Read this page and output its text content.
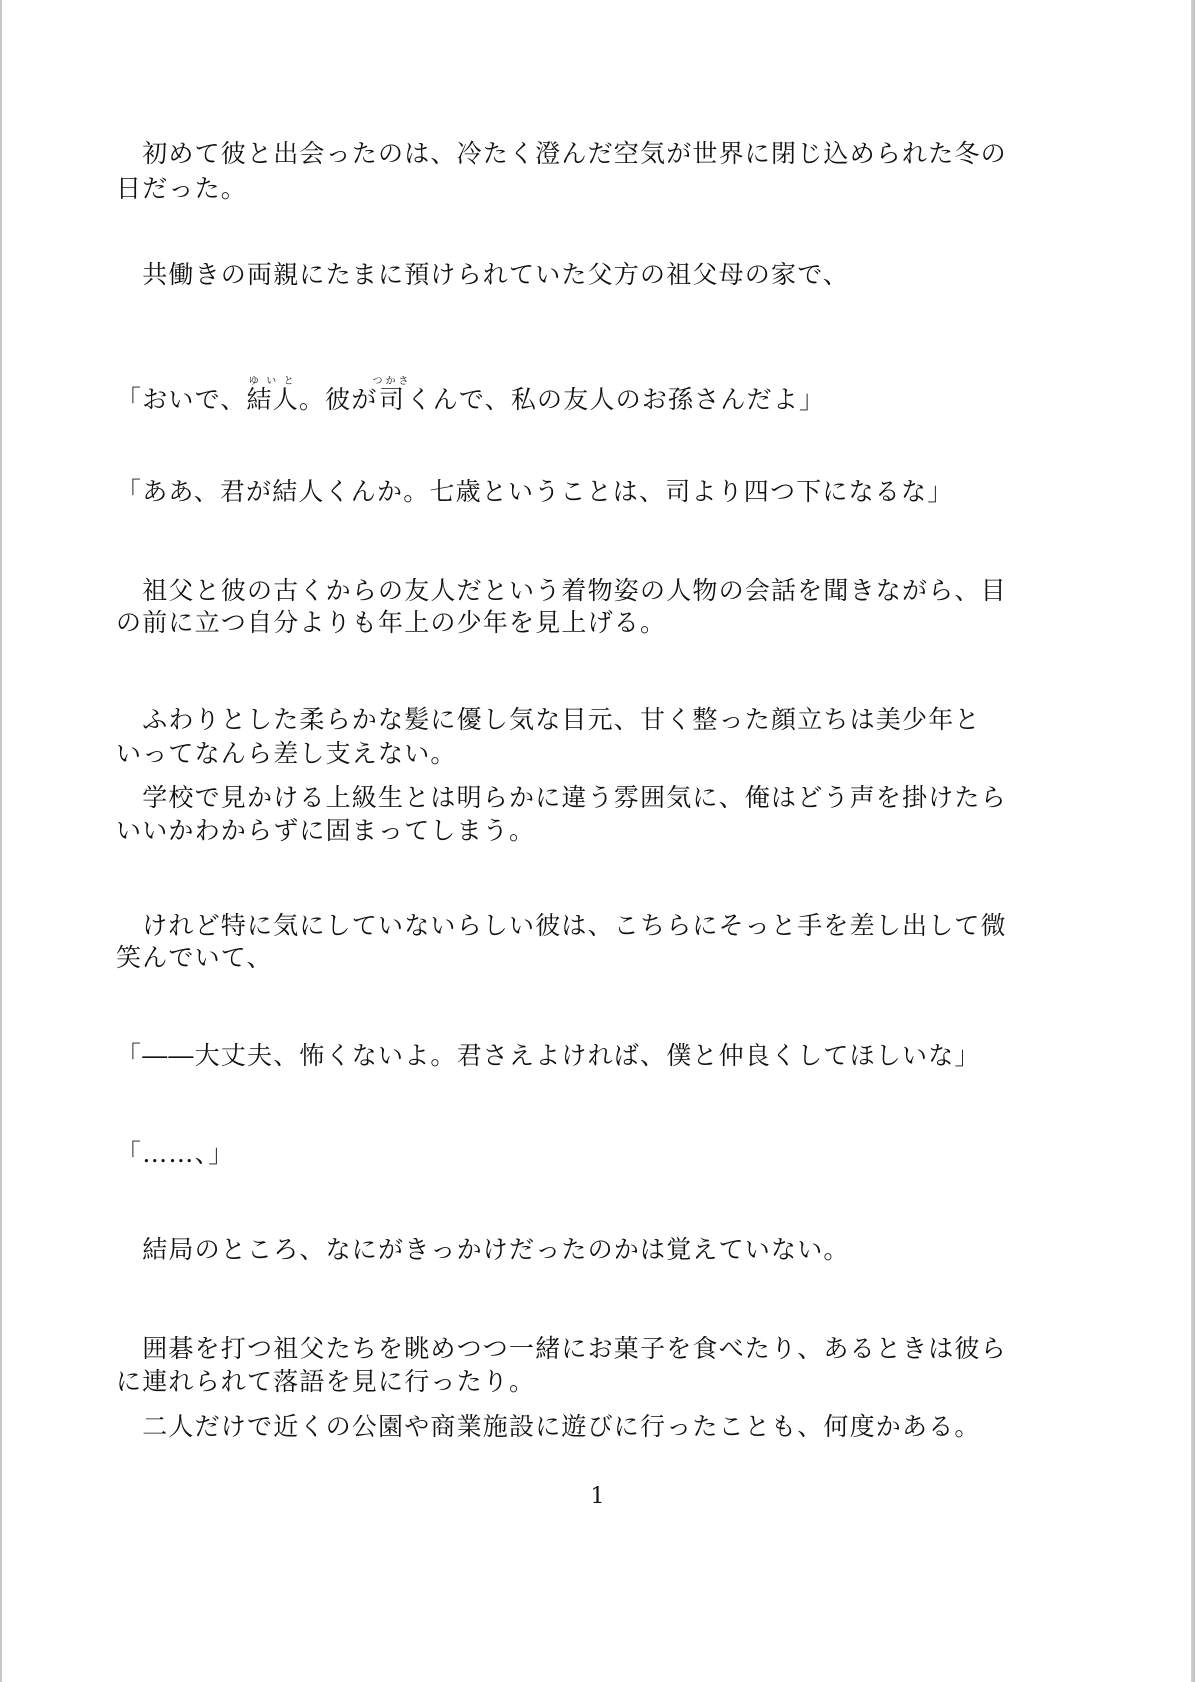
　初めて彼と出会ったのは、冷たく澄んだ空気が世界に閉じ込められた冬の
日だった。
　共働きの両親にたまに預けられていた父方の祖父母の家で、
「おいで、結人ゆいと。彼が司つかさくんで、私の友人のお孫さんだよ」
「ああ、君が結人くんか。七歳ということは、司より四つ下になるな」
　祖父と彼の古くからの友人だという着物姿の人物の会話を聞きながら、目
の前に立つ自分よりも年上の少年を見上げる。
　ふわりとした柔らかな髪に優し気な目元、甘く整った顔立ちは美少年と
いってなんら差し支えない。
　学校で見かける上級生とは明らかに違う雰囲気に、俺はどう声を掛けたら
いいかわからずに固まってしまう。
　けれど特に気にしていないらしい彼は、こちらにそっと手を差し出して微
笑んでいて、
「――大丈夫、怖くないよ。君さえよければ、僕と仲良くしてほしいな」
「……、」
　結局のところ、なにがきっかけだったのかは覚えていない。
　囲碁を打つ祖父たちを眺めつつ一緒にお菓子を食べたり、あるときは彼ら
に連れられて落語を見に行ったり。
　二人だけで近くの公園や商業施設に遊びに行ったことも、何度かある。
1
